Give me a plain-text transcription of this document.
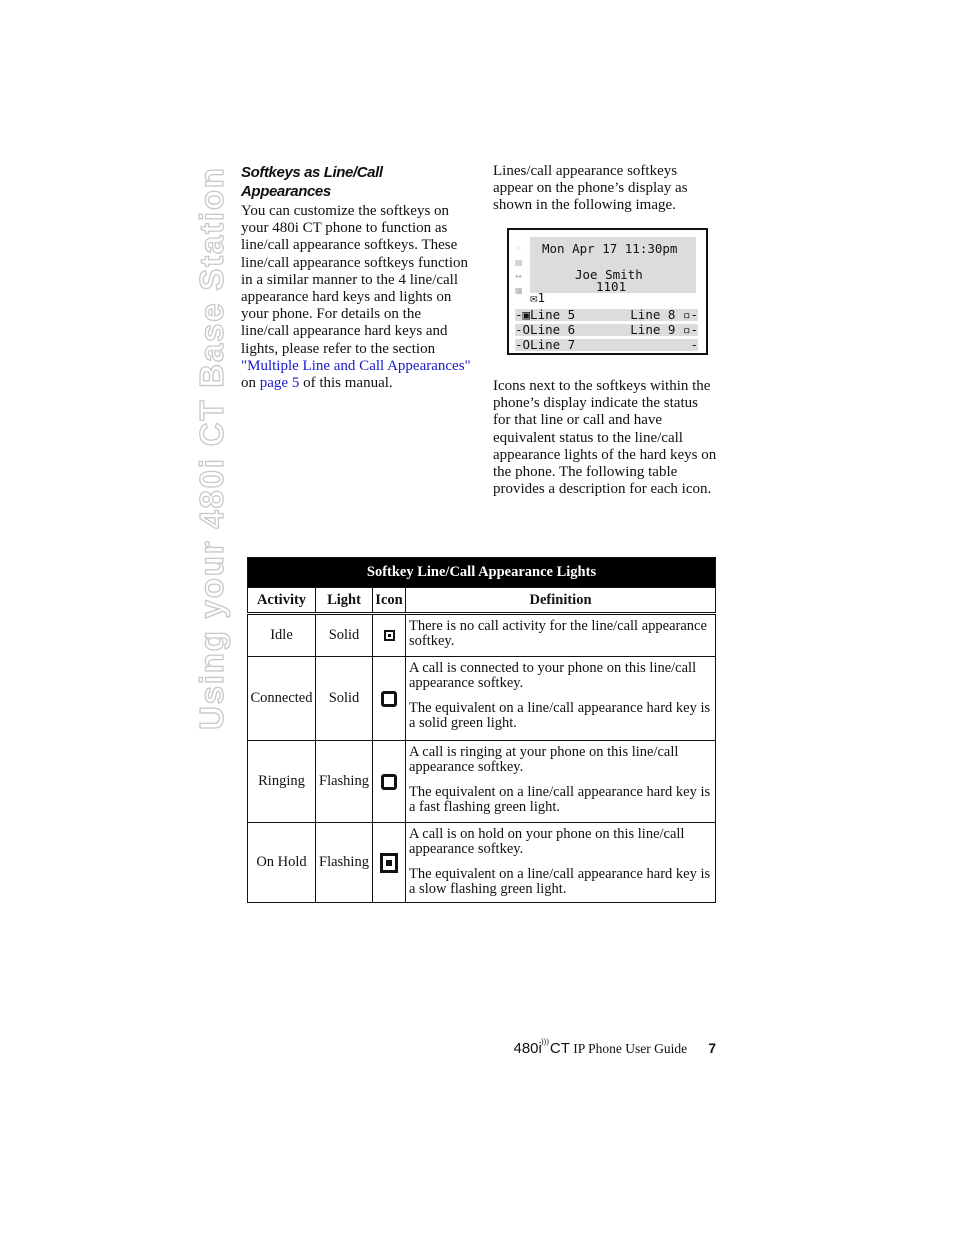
Using your 480i CT Base Station Softkeys as Line/Call Appearances
You can customize the softkeys on your 480i CT phone to function as line/call appearance softkeys. These line/call appearance softkeys function in a similar manner to the 4 line/call appearance hard keys and lights on your phone. For details on the line/call appearance hard keys and lights, please refer to the section "Multiple Line and Call Appearances" on page 5 of this manual.
Lines/call appearance softkeys appear on the phone’s display as shown in the following image.
⁘
▤
↔
▦
Mon Apr 17 11:30pm
Joe Smith
1101
✉1
-▣Line 5	Line 8 ▫-
-OLine 6	Line 9 ▫-
-OLine 7	-
Icons next to the softkeys within the phone’s display indicate the status for that line or call and have equivalent status to the line/call appearance lights of the hard keys on the phone. The following table provides a description for each icon.
Softkey Line/Call Appearance Lights			
Activity	Light	Icon	Definition
Idle	Solid		There is no call activity for the line/call appearance softkey.

Connected	Solid		A call is connected to your phone on this line/call appearance softkey.

The equivalent on a line/call appearance hard key is a solid green light.

Ringing	Flashing		A call is ringing at your phone on this line/call appearance softkey.

The equivalent on a line/call appearance hard key is a fast flashing green light.

On Hold	Flashing		A call is on hold on your phone on this line/call appearance softkey.

The equivalent on a line/call appearance hard key is a slow flashing green light.

480i)))CT IP Phone User Guide 7
